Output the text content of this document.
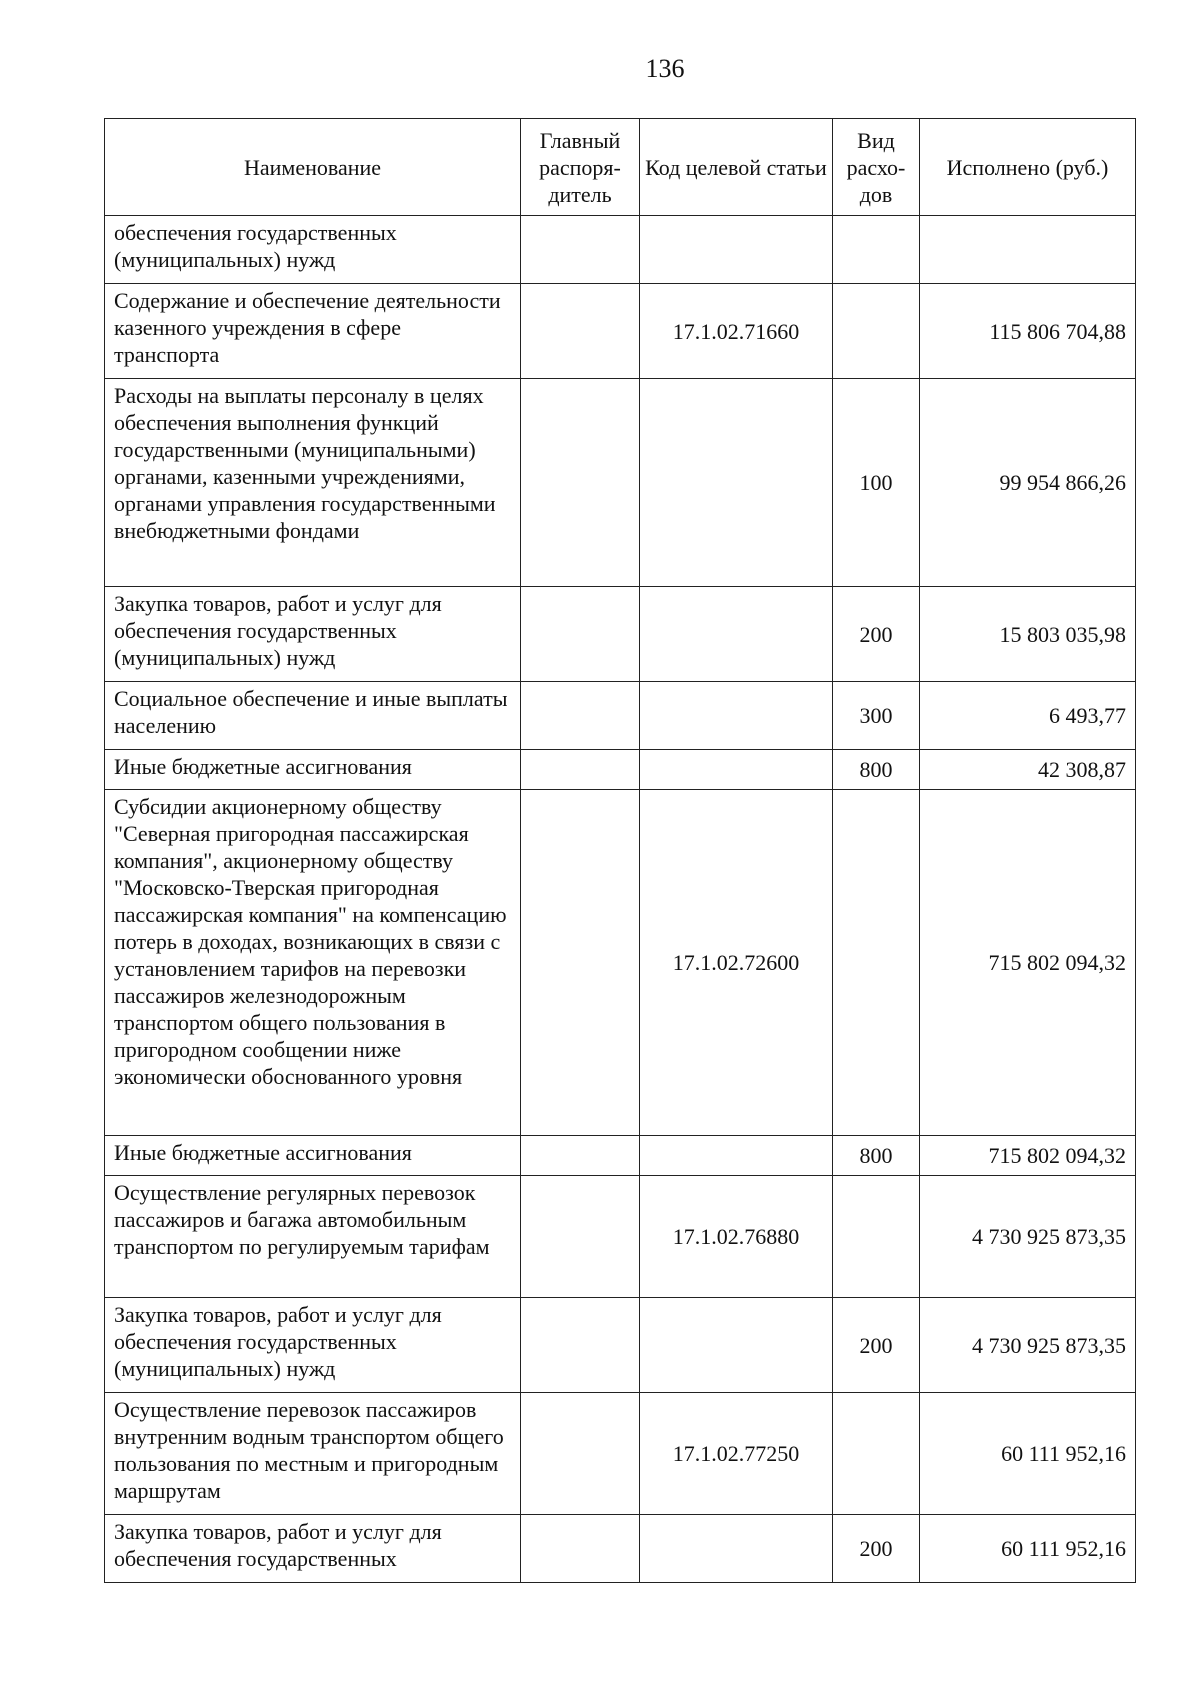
136
Наименование	Главный распоря-дитель	Код целевой статьи	Вид расхо-дов	Исполнено (руб.)
обеспечения государственных (муниципальных) нужд				
Содержание и обеспечение деятельности казенного учреждения в сфере транспорта		17.1.02.71660		115 806 704,88
Расходы на выплаты персоналу в целях обеспечения выполнения функций государственными (муниципальными) органами, казенными учреждениями, органами управления государственными внебюджетными фондами			100	99 954 866,26
Закупка товаров, работ и услуг для обеспечения государственных (муниципальных) нужд			200	15 803 035,98
Социальное обеспечение и иные выплаты населению			300	6 493,77
Иные бюджетные ассигнования			800	42 308,87
Субсидии акционерному обществу "Северная пригородная пассажирская компания", акционерному обществу "Московско-Тверская пригородная пассажирская компания" на компенсацию потерь в доходах, возникающих в связи с установлением тарифов на перевозки пассажиров железнодорожным транспортом общего пользования в пригородном сообщении ниже экономически обоснованного уровня		17.1.02.72600		715 802 094,32
Иные бюджетные ассигнования			800	715 802 094,32
Осуществление регулярных перевозок пассажиров и багажа автомобильным транспортом по регулируемым тарифам		17.1.02.76880		4 730 925 873,35
Закупка товаров, работ и услуг для обеспечения государственных (муниципальных) нужд			200	4 730 925 873,35
Осуществление перевозок пассажиров внутренним водным транспортом общего пользования по местным и пригородным маршрутам		17.1.02.77250		60 111 952,16
Закупка товаров, работ и услуг для обеспечения государственных			200	60 111 952,16
